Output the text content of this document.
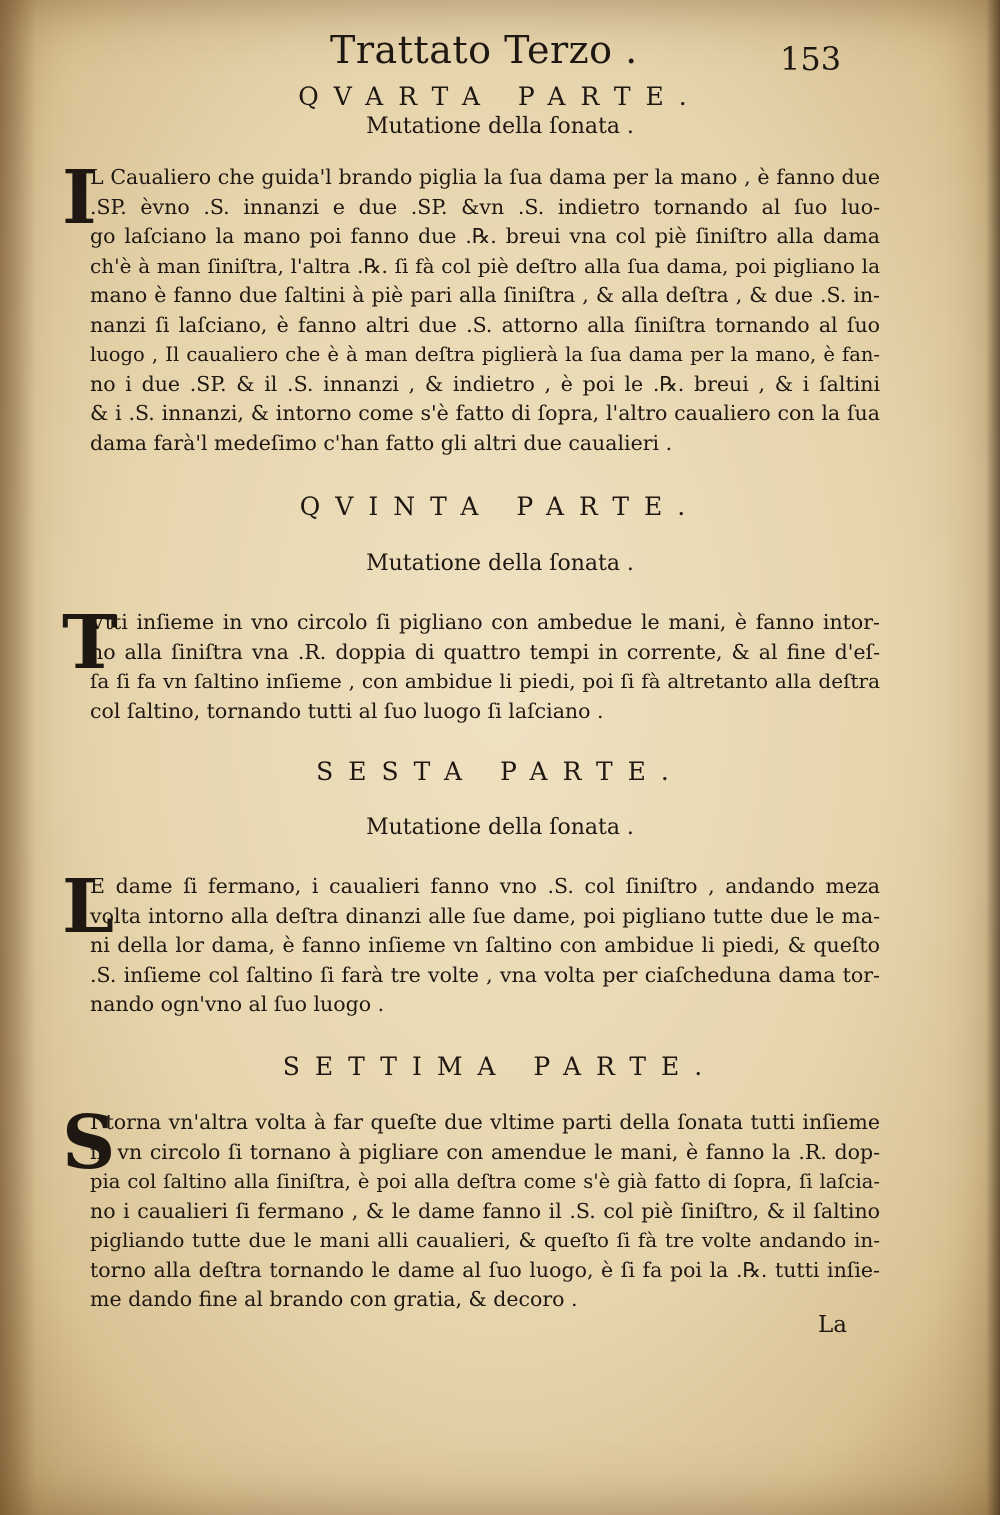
Trattato Terzo .	153
QVARTA PARTE.
Mutatione della ſonata .
I
L Caualiero che guida'l brando piglia la ſua dama per la mano , è fanno due
.SP. èvno .S. innanzi e due .SP. &vn .S. indietro tornando al ſuo luo-
go laſciano la mano poi fanno due .℞. breui vna col piè ſiniſtro alla dama
ch'è à man ſiniſtra, l'altra .℞. ſi fà col piè deſtro alla ſua dama, poi pigliano la
mano è fanno due ſaltini à piè pari alla ſiniſtra , & alla deſtra , & due .S. in-
nanzi ſi laſciano, è fanno altri due .S. attorno alla ſiniſtra tornando al ſuo
luogo , Il caualiero che è à man deſtra piglierà la ſua dama per la mano, è fan-
no i due .SP. & il .S. innanzi , & indietro , è poi le .℞. breui , & i ſaltini
& i .S. innanzi, & intorno come s'è fatto di ſopra, l'altro caualiero con la ſua
dama farà'l medeſimo c'han fatto gli altri due caualieri .
QVINTA PARTE.
Mutatione della ſonata .
T
Vtti inſieme in vno circolo ſi pigliano con ambedue le mani, è fanno intor-
no alla ſiniſtra vna .R. doppia di quattro tempi in corrente, & al fine d'eſ-
ſa ſi fa vn ſaltino inſieme , con ambidue li piedi, poi ſi fà altretanto alla deſtra
col ſaltino, tornando tutti al ſuo luogo ſi laſciano .
SESTA PARTE.
Mutatione della ſonata .
L
E dame ſi fermano, i caualieri fanno vno .S. col ſiniſtro , andando meza
volta intorno alla deſtra dinanzi alle ſue dame, poi pigliano tutte due le ma-
ni della lor dama, è fanno inſieme vn ſaltino con ambidue li piedi, & queſto
.S. inſieme col ſaltino ſi farà tre volte , vna volta per ciaſcheduna dama tor-
nando ogn'vno al ſuo luogo .
SETTIMA PARTE.
S
I torna vn'altra volta à far queſte due vltime parti della ſonata tutti inſieme
in vn circolo ſi tornano à pigliare con amendue le mani, è fanno la .R. dop-
pia col ſaltino alla ſiniſtra, è poi alla deſtra come s'è già fatto di ſopra, ſi laſcia-
no i caualieri ſi fermano , & le dame fanno il .S. col piè ſiniſtro, & il ſaltino
pigliando tutte due le mani alli caualieri, & queſto ſi fà tre volte andando in-
torno alla deſtra tornando le dame al ſuo luogo, è ſi fa poi la .℞. tutti inſie-
me dando fine al brando con gratia, & decoro .
La
